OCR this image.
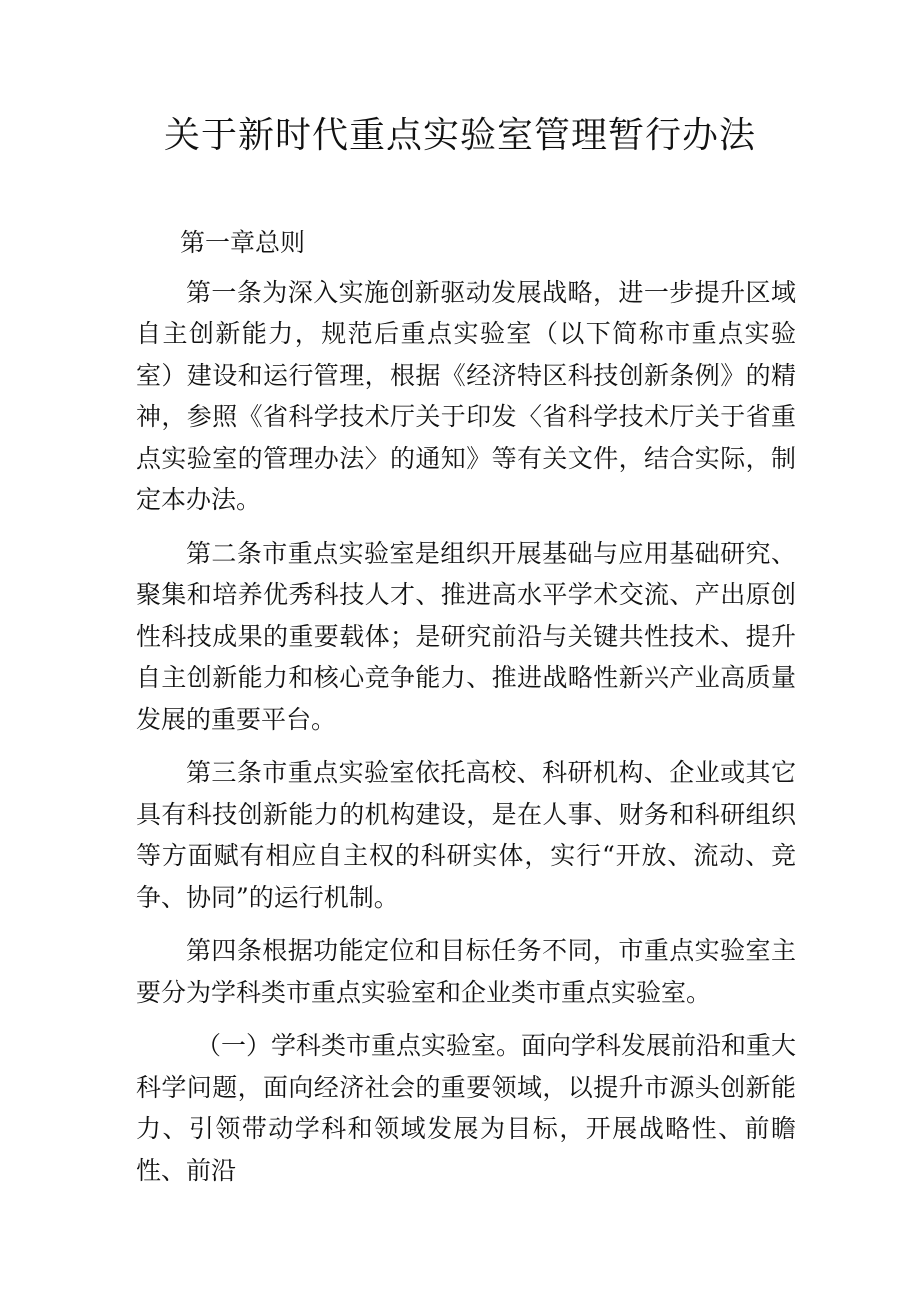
关于新时代重点实验室管理暂行办法
第一章总则

第一条为深入实施创新驱动发展战略，进一步提升区域自主创新能力，规范后重点实验室（以下简称市重点实验室）建设和运行管理，根据《经济特区科技创新条例》的精神，参照《省科学技术厅关于印发〈省科学技术厅关于省重点实验室的管理办法〉的通知》等有关文件，结合实际，制定本办法。

第二条市重点实验室是组织开展基础与应用基础研究、聚集和培养优秀科技人才、推进高水平学术交流、产出原创性科技成果的重要载体；是研究前沿与关键共性技术、提升自主创新能力和核心竞争能力、推进战略性新兴产业高质量发展的重要平台。

第三条市重点实验室依托高校、科研机构、企业或其它具有科技创新能力的机构建设，是在人事、财务和科研组织等方面赋有相应自主权的科研实体，实行“开放、流动、竞争、协同”的运行机制。

第四条根据功能定位和目标任务不同，市重点实验室主要分为学科类市重点实验室和企业类市重点实验室。

（一）学科类市重点实验室。面向学科发展前沿和重大科学问题，面向经济社会的重要领域，以提升市源头创新能力、引领带动学科和领域发展为目标，开展战略性、前瞻性、前沿
